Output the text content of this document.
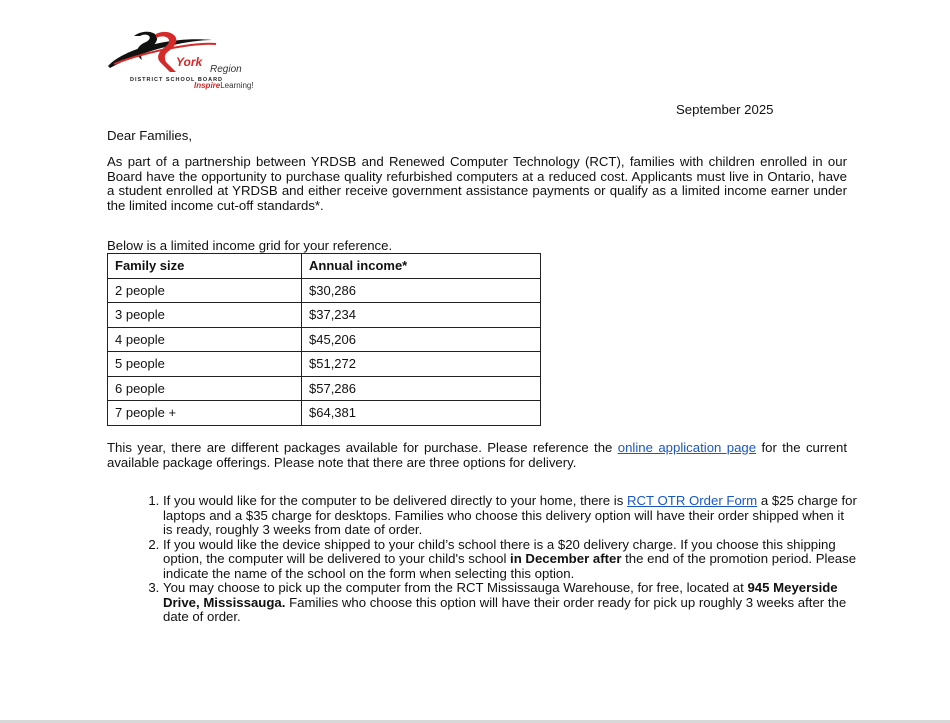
York
Region
DISTRICT SCHOOL BOARD
InspireLearning!
September 2025
Dear Families,
As part of a partnership between YRDSB and Renewed Computer Technology (RCT), families with children enrolled in our Board have the opportunity to purchase quality refurbished computers at a reduced cost. Applicants must live in Ontario, have a student enrolled at YRDSB and either receive government assistance payments or qualify as a limited income earner under the limited income cut-off standards*.
Below is a limited income grid for your reference.
Family size	Annual income*
2 people	$30,286
3 people	$37,234
4 people	$45,206
5 people	$51,272
6 people	$57,286
7 people +	$64,381
This year, there are different packages available for purchase. Please reference the online application page for the current available package offerings. Please note that there are three options for delivery.
1. If you would like for the computer to be delivered directly to your home, there is RCT OTR Order Form a $25 charge for laptops and a $35 charge for desktops. Families who choose this delivery option will have their order shipped when it is ready, roughly 3 weeks from date of order.
2. If you would like the device shipped to your child’s school there is a $20 delivery charge. If you choose this shipping option, the computer will be delivered to your child's school in December after the end of the promotion period. Please indicate the name of the school on the form when selecting this option.
3. You may choose to pick up the computer from the RCT Mississauga Warehouse, for free, located at 945 Meyerside Drive, Mississauga. Families who choose this option will have their order ready for pick up roughly 3 weeks after the date of order.
